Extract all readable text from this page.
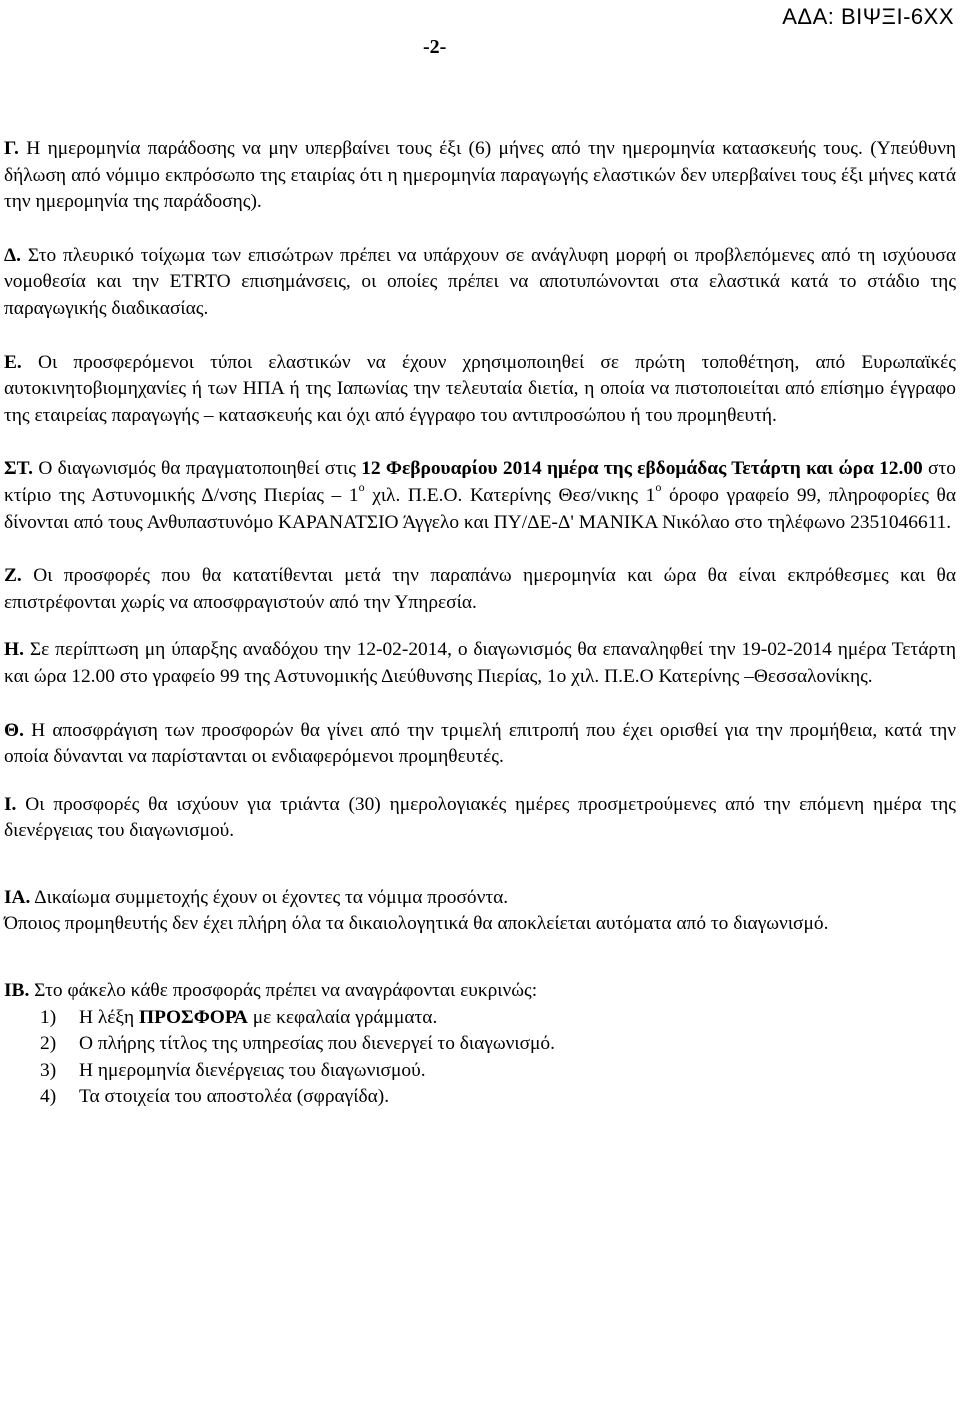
ΑΔΑ: ΒΙΨΞΙ-6ΧΧ
-2-

Γ. Η ημερομηνία παράδοσης να μην υπερβαίνει τους έξι (6) μήνες από την ημερομηνία κατασκευής τους. (Υπεύθυνη δήλωση από νόμιμο εκπρόσωπο της εταιρίας ότι η ημερομηνία παραγωγής ελαστικών δεν υπερβαίνει τους έξι μήνες κατά την ημερομηνία της παράδοσης).

Δ. Στο πλευρικό τοίχωμα των επισώτρων πρέπει να υπάρχουν σε ανάγλυφη μορφή οι προβλεπόμενες από τη ισχύουσα νομοθεσία και την ETRTO επισημάνσεις, οι οποίες πρέπει να αποτυπώνονται στα ελαστικά κατά το στάδιο της παραγωγικής διαδικασίας.

Ε. Οι προσφερόμενοι τύποι ελαστικών να έχουν χρησιμοποιηθεί σε πρώτη τοποθέτηση, από Ευρωπαϊκές αυτοκινητοβιομηχανίες ή των ΗΠΑ ή της Ιαπωνίας την τελευταία διετία, η οποία να πιστοποιείται από επίσημο έγγραφο της εταιρείας παραγωγής – κατασκευής και όχι από έγγραφο του αντιπροσώπου ή του προμηθευτή.

ΣΤ. Ο διαγωνισμός θα πραγματοποιηθεί στις 12 Φεβρουαρίου 2014 ημέρα της εβδομάδας Τετάρτη και ώρα 12.00 στο κτίριο της Αστυνομικής Δ/νσης Πιερίας – $1^o$ χιλ. Π.Ε.Ο. Κατερίνης Θεσ/νικης $1^o$ όροφο γραφείο 99, πληροφορίες θα δίνονται από τους Ανθυπαστυνόμο ΚΑΡΑΝΑΤΣΙΟ Άγγελο και ΠΥ/ΔΕ-Δ' ΜΑΝΙΚΑ Νικόλαο στο τηλέφωνο 2351046611.

Ζ. Οι προσφορές που θα κατατίθενται μετά την παραπάνω ημερομηνία και ώρα θα είναι εκπρόθεσμες και θα επιστρέφονται χωρίς να αποσφραγιστούν από την Υπηρεσία.

Η. Σε περίπτωση μη ύπαρξης αναδόχου την 12-02-2014, ο διαγωνισμός θα επαναληφθεί την 19-02-2014 ημέρα Τετάρτη και ώρα 12.00 στο γραφείο 99 της Αστυνομικής Διεύθυνσης Πιερίας, 1ο χιλ. Π.Ε.Ο Κατερίνης –Θεσσαλονίκης.

Θ. Η αποσφράγιση των προσφορών θα γίνει από την τριμελή επιτροπή που έχει ορισθεί για την προμήθεια, κατά την οποία δύνανται να παρίστανται οι ενδιαφερόμενοι προμηθευτές.

Ι. Οι προσφορές θα ισχύουν για τριάντα (30) ημερολογιακές ημέρες προσμετρούμενες από την επόμενη ημέρα της διενέργειας του διαγωνισμού.

ΙΑ. Δικαίωμα συμμετοχής έχουν οι έχοντες τα νόμιμα προσόντα.

Όποιος προμηθευτής δεν έχει πλήρη όλα τα δικαιολογητικά θα αποκλείεται αυτόματα από το διαγωνισμό.

ΙΒ. Στο φάκελο κάθε προσφοράς πρέπει να αναγράφονται ευκρινώς:

1) Η λέξη ΠΡΟΣΦΟΡΑ με κεφαλαία γράμματα.
2) Ο πλήρης τίτλος της υπηρεσίας που διενεργεί το διαγωνισμό.
3) Η ημερομηνία διενέργειας του διαγωνισμού.
4) Τα στοιχεία του αποστολέα (σφραγίδα).
